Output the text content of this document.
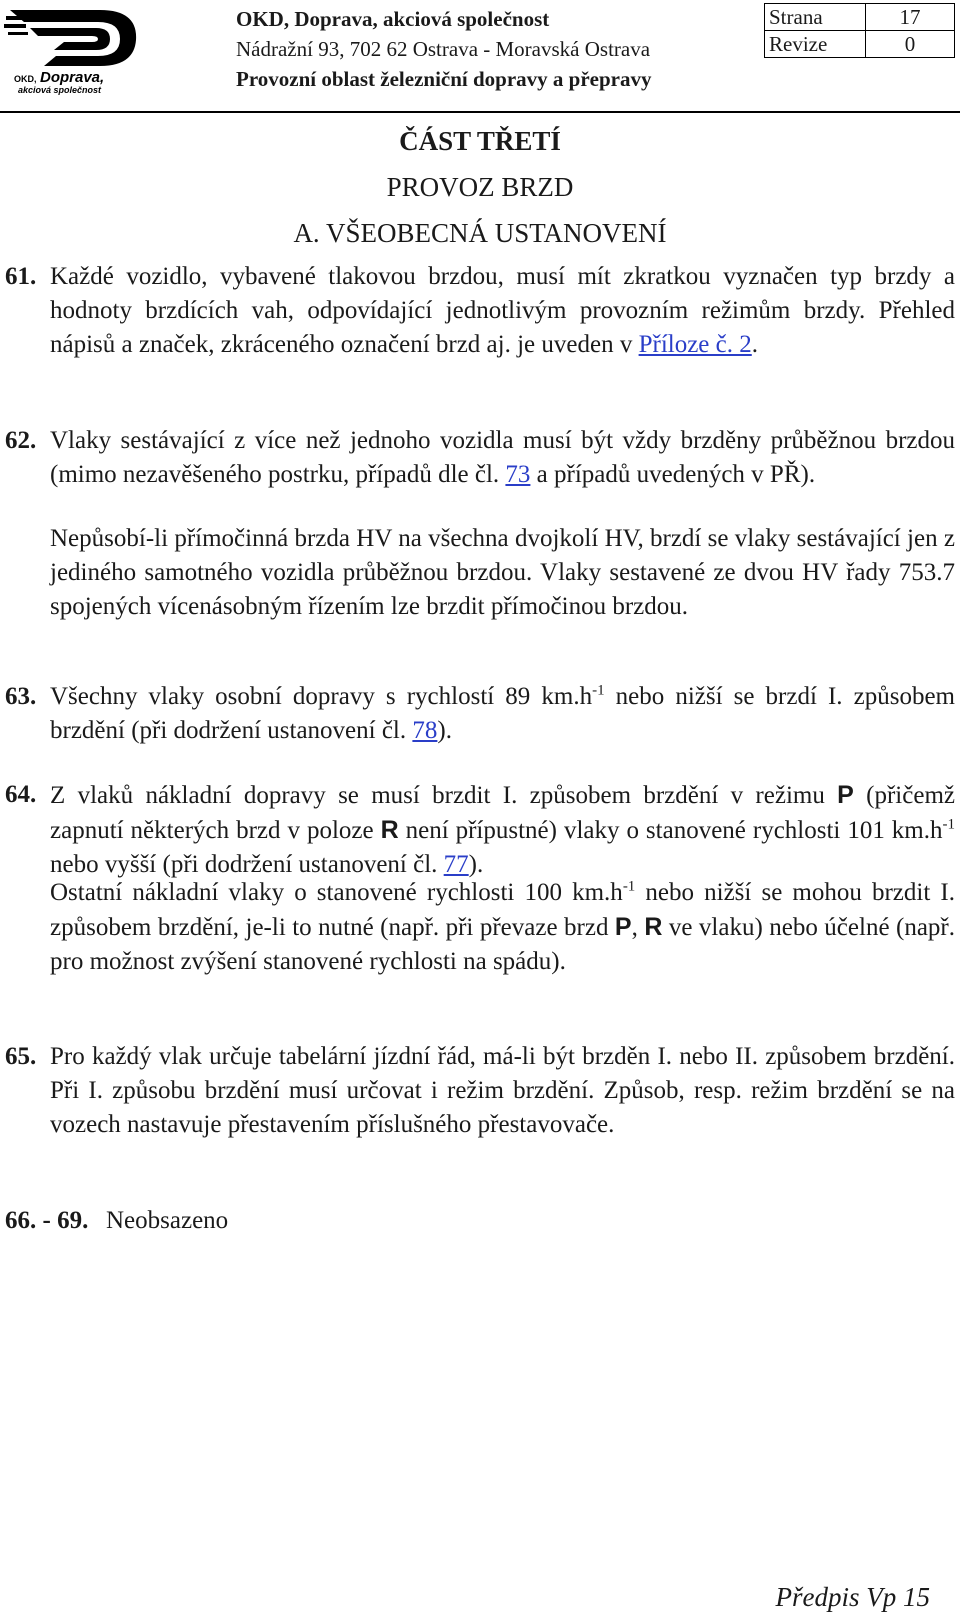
OKD, Doprava,
akciová společnost
OKD, Doprava, akciová společnost
Nádražní 93, 702 62 Ostrava - Moravská Ostrava
Provozní oblast železniční dopravy a přepravy
Strana	17
Revize	0
ČÁST TŘETÍ
PROVOZ BRZD
A. VŠEOBECNÁ USTANOVENÍ
61. Každé vozidlo, vybavené tlakovou brzdou, musí mít zkratkou vyznačen typ brzdy a hodnoty brzdících vah, odpovídající jednotlivým provozním režimům brzdy. Přehled nápisů a značek, zkráceného označení brzd aj. je uveden v Příloze č. 2.
62. Vlaky sestávající z více než jednoho vozidla musí být vždy brzděny průběžnou brzdou (mimo nezavěšeného postrku, případů dle čl. 73 a případů uvedených v PŘ).
Nepůsobí-li přímočinná brzda HV na všechna dvojkolí HV, brzdí se vlaky sestávající jen z jediného samotného vozidla průběžnou brzdou. Vlaky sestavené ze dvou HV řady 753.7 spojených vícenásobným řízením lze brzdit přímočinou brzdou.
63. Všechny vlaky osobní dopravy s rychlostí 89 $km.h^{-1}$ nebo nižší se brzdí I. způsobem brzdění (při dodržení ustanovení čl. 78).
64. Z vlaků nákladní dopravy se musí brzdit I. způsobem brzdění v režimu P (přičemž zapnutí některých brzd v poloze R není přípustné) vlaky o stanovené rychlosti 101 $km.h^{-1}$ nebo vyšší (při dodržení ustanovení čl. 77).
Ostatní nákladní vlaky o stanovené rychlosti 100 $km.h^{-1}$ nebo nižší se mohou brzdit I. způsobem brzdění, je-li to nutné (např. při převaze brzd P, R ve vlaku) nebo účelné (např. pro možnost zvýšení stanovené rychlosti na spádu).
65. Pro každý vlak určuje tabelární jízdní řád, má-li být brzděn I. nebo II. způsobem brzdění. Při I. způsobu brzdění musí určovat i režim brzdění. Způsob, resp. režim brzdění se na vozech nastavuje přestavením příslušného přestavovače.
66. - 69. Neobsazeno
Předpis Vp 15
